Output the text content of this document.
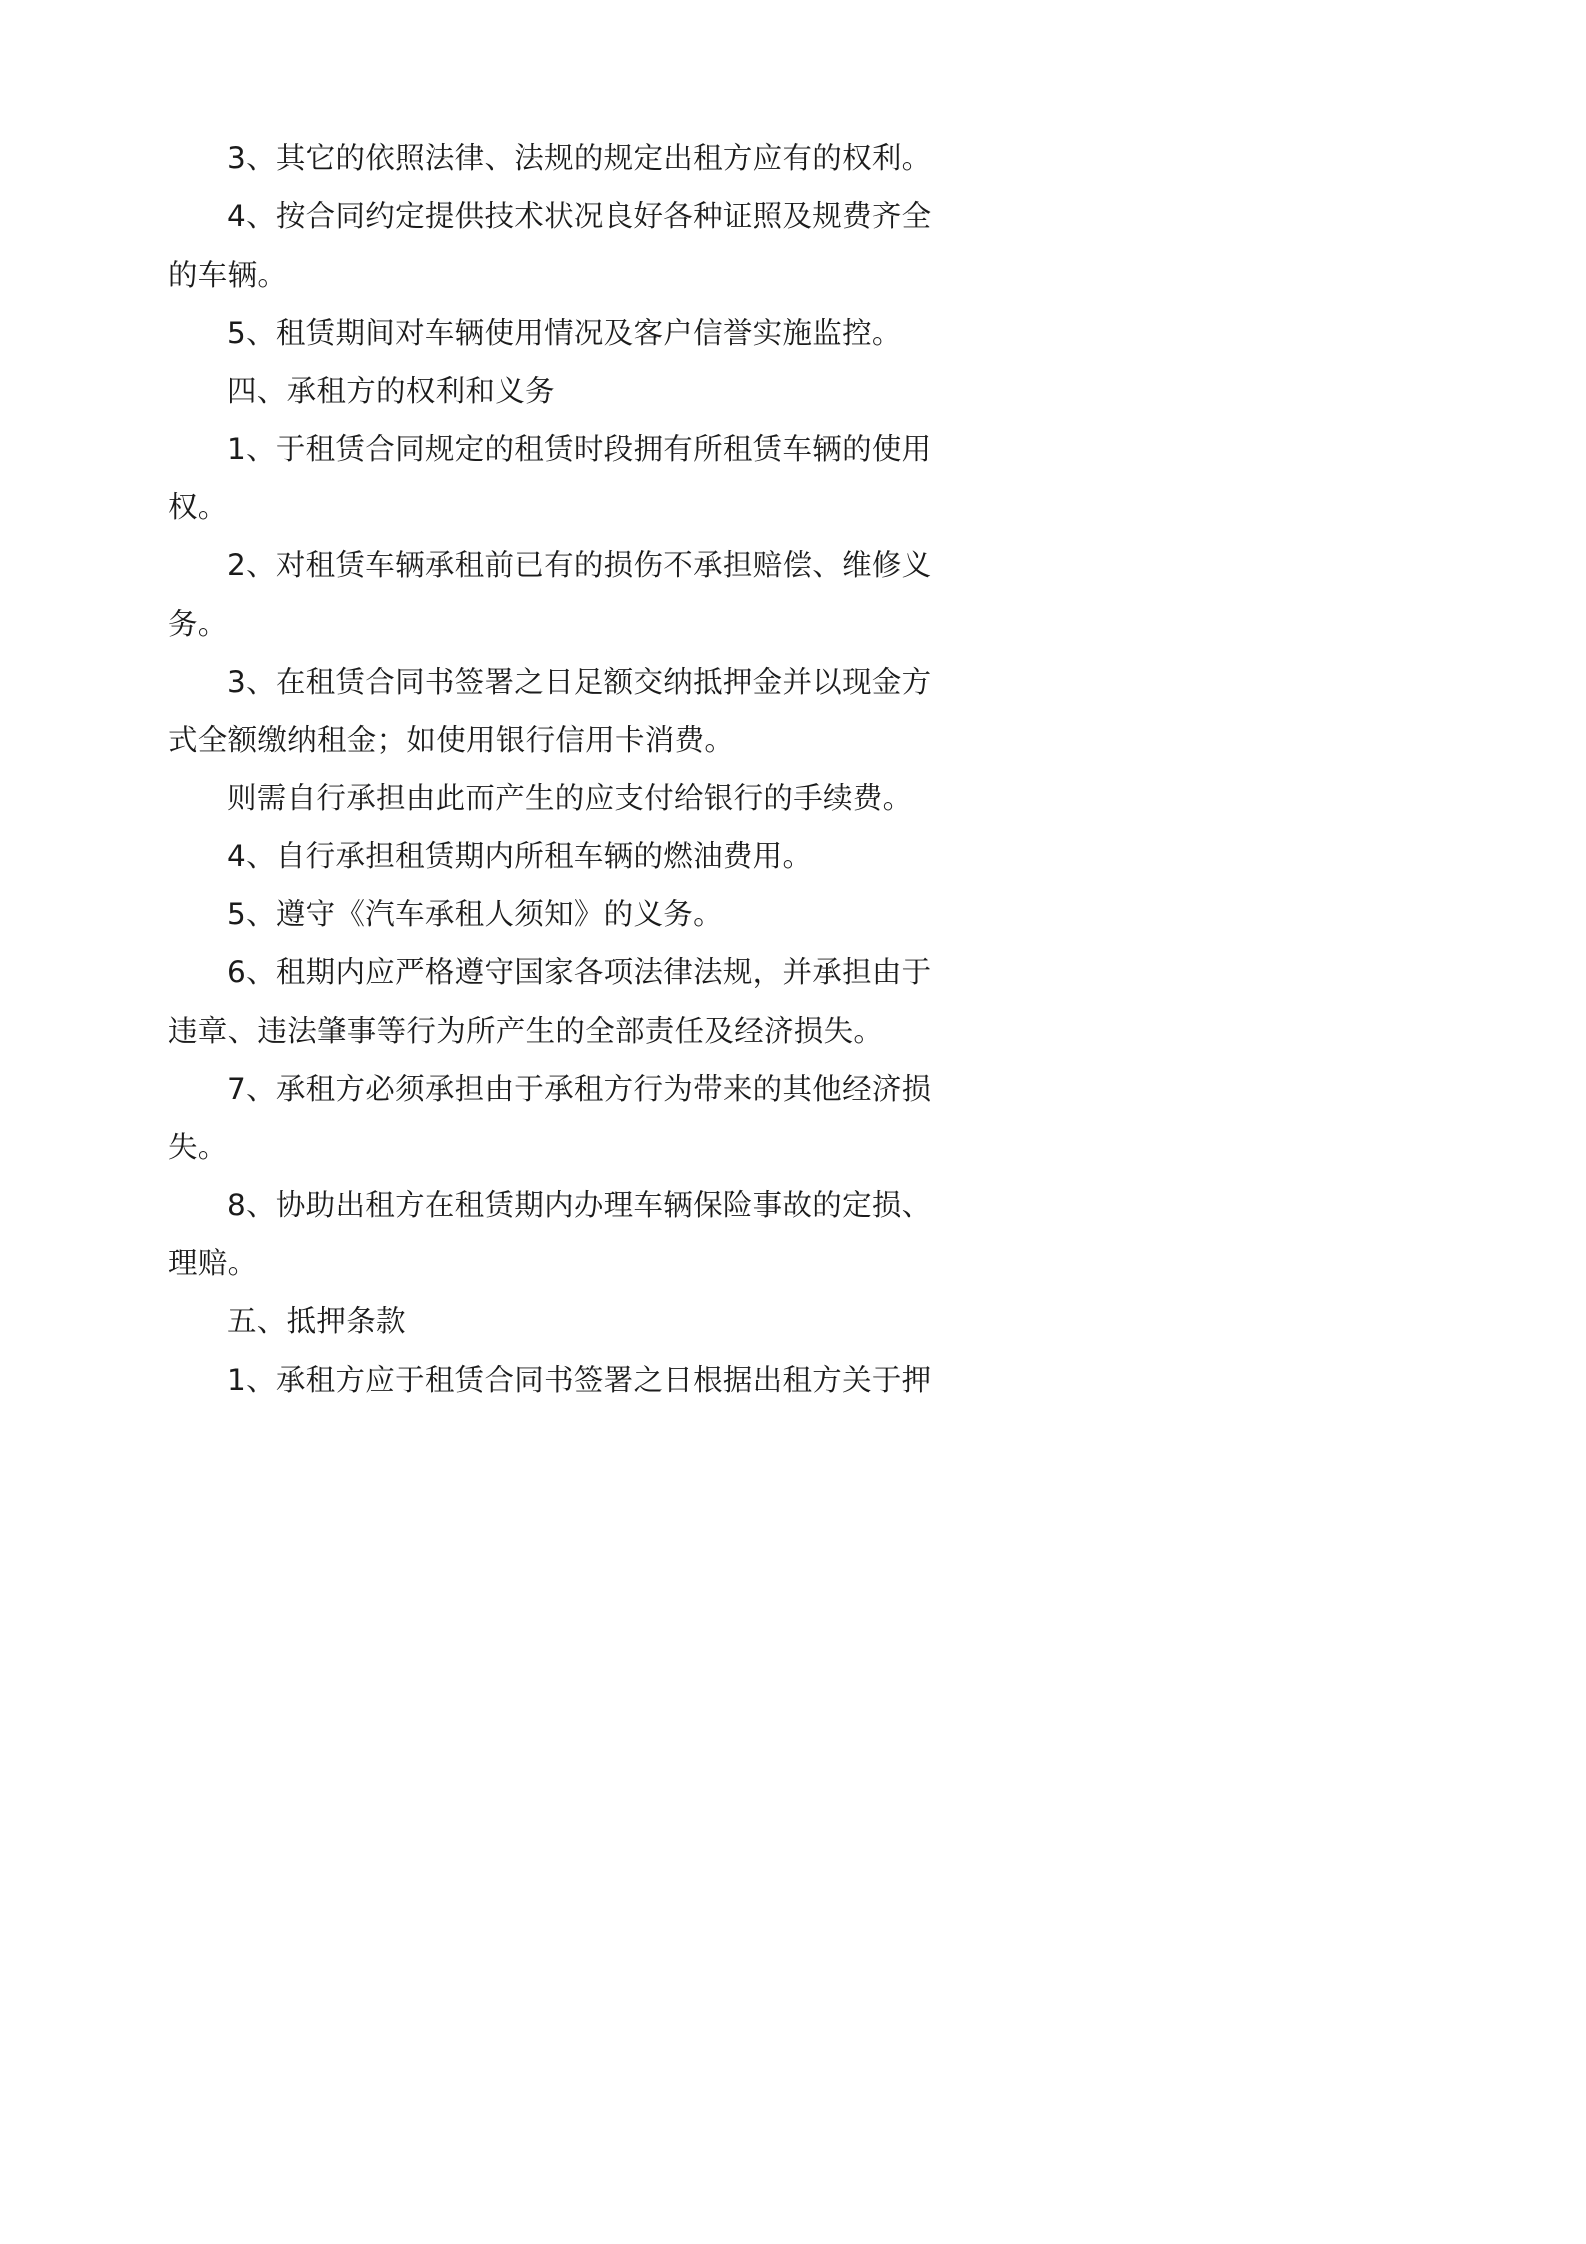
3、其它的依照法律、法规的规定出租方应有的权利。
4、按合同约定提供技术状况良好各种证照及规费齐全
的车辆。
5、租赁期间对车辆使用情况及客户信誉实施监控。
四、承租方的权利和义务
1、于租赁合同规定的租赁时段拥有所租赁车辆的使用
权。
2、对租赁车辆承租前已有的损伤不承担赔偿、维修义
务。
3、在租赁合同书签署之日足额交纳抵押金并以现金方
式全额缴纳租金；如使用银行信用卡消费。
则需自行承担由此而产生的应支付给银行的手续费。
4、自行承担租赁期内所租车辆的燃油费用。
5、遵守《汽车承租人须知》的义务。
6、租期内应严格遵守国家各项法律法规，并承担由于
违章、违法肇事等行为所产生的全部责任及经济损失。
7、承租方必须承担由于承租方行为带来的其他经济损
失。
8、协助出租方在租赁期内办理车辆保险事故的定损、
理赔。
五、抵押条款
1、承租方应于租赁合同书签署之日根据出租方关于押
